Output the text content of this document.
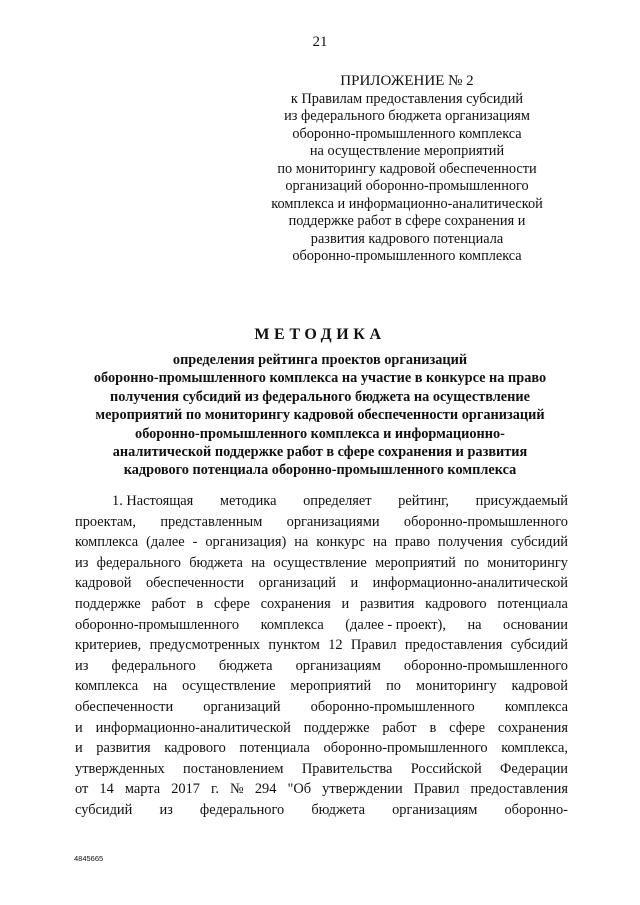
21
ПРИЛОЖЕНИЕ № 2
к Правилам предоставления субсидий
из федерального бюджета организациям
оборонно-промышленного комплекса
на осуществление мероприятий
по мониторингу кадровой обеспеченности
организаций оборонно-промышленного
комплекса и информационно-аналитической
поддержке работ в сфере сохранения и
развития кадрового потенциала
оборонно-промышленного комплекса
МЕТОДИКА
определения рейтинга проектов организаций
оборонно-промышленного комплекса на участие в конкурсе на право
получения субсидий из федерального бюджета на осуществление
мероприятий по мониторингу кадровой обеспеченности организаций
оборонно-промышленного комплекса и информационно-
аналитической поддержке работ в сфере сохранения и развития
кадрового потенциала оборонно-промышленного комплекса
1. Настоящая методика определяет рейтинг, присуждаемый
проектам, представленным организациями оборонно-промышленного
комплекса (далее - организация) на конкурс на право получения субсидий
из федерального бюджета на осуществление мероприятий по мониторингу
кадровой обеспеченности организаций и информационно-аналитической
поддержке работ в сфере сохранения и развития кадрового потенциала
оборонно-промышленного комплекса (далее - проект), на основании
критериев, предусмотренных пунктом 12 Правил предоставления субсидий
из федерального бюджета организациям оборонно-промышленного
комплекса на осуществление мероприятий по мониторингу кадровой
обеспеченности организаций оборонно-промышленного комплекса
и информационно-аналитической поддержке работ в сфере сохранения
и развития кадрового потенциала оборонно-промышленного комплекса,
утвержденных постановлением Правительства Российской Федерации
от 14 марта 2017 г. № 294 "Об утверждении Правил предоставления
субсидий из федерального бюджета организациям оборонно-
4845665
